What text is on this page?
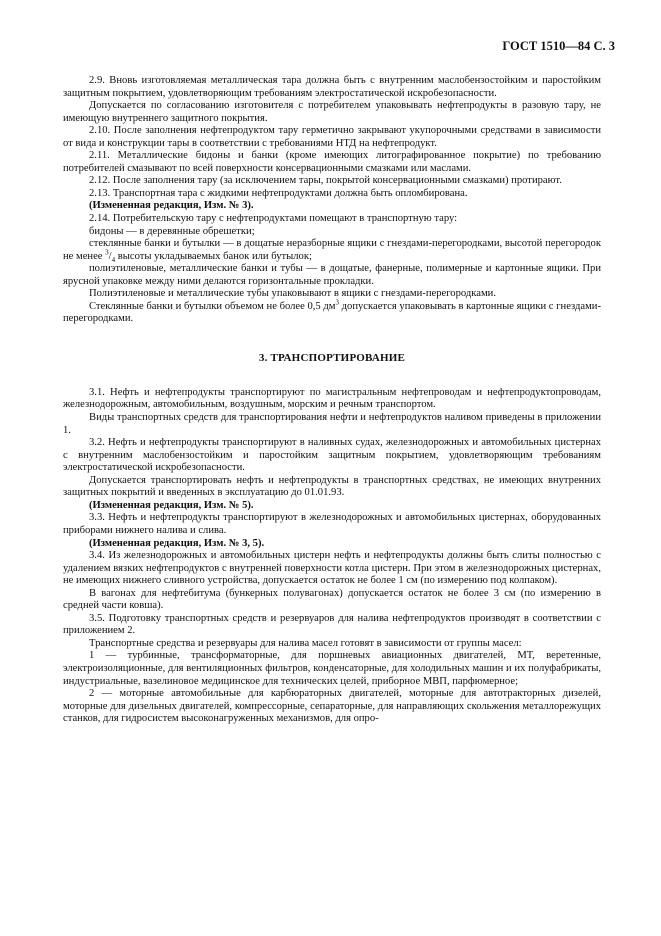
ГОСТ 1510—84 С. 3

2.9. Вновь изготовляемая металлическая тара должна быть с внутренним маслобензостойким и паростойким защитным покрытием, удовлетворяющим требованиям электростатической искробезопасности.

Допускается по согласованию изготовителя с потребителем упаковывать нефтепродукты в разовую тару, не имеющую внутреннего защитного покрытия.

2.10. После заполнения нефтепродуктом тару герметично закрывают укупорочными средствами в зависимости от вида и конструкции тары в соответствии с требованиями НТД на нефтепродукт.

2.11. Металлические бидоны и банки (кроме имеющих литографированное покрытие) по требованию потребителей смазывают по всей поверхности консервационными смазками или маслами.

2.12. После заполнения тару (за исключением тары, покрытой консервационными смазками) протирают.

2.13. Транспортная тара с жидкими нефтепродуктами должна быть опломбирована.

(Измененная редакция, Изм. № 3).

2.14. Потребительскую тару с нефтепродуктами помещают в транспортную тару:

бидоны — в деревянные обрешетки;

стеклянные банки и бутылки — в дощатые неразборные ящики с гнездами-перегородками, высотой перегородок не менее $^3/_4$ высоты укладываемых банок или бутылок;

полиэтиленовые, металлические банки и тубы — в дощатые, фанерные, полимерные и картонные ящики. При ярусной упаковке между ними делаются горизонтальные прокладки.

Полиэтиленовые и металлические тубы упаковывают в ящики с гнездами-перегородками.

Стеклянные банки и бутылки объемом не более 0,5 $дм^3$ допускается упаковывать в картонные ящики с гнездами-перегородками.

3. ТРАНСПОРТИРОВАНИЕ

3.1. Нефть и нефтепродукты транспортируют по магистральным нефтепроводам и нефтепродуктопроводам, железнодорожным, автомобильным, воздушным, морским и речным транспортом.

Виды транспортных средств для транспортирования нефти и нефтепродуктов наливом приведены в приложении 1.

3.2. Нефть и нефтепродукты транспортируют в наливных судах, железнодорожных и автомобильных цистернах с внутренним маслобензостойким и паростойким защитным покрытием, удовлетворяющим требованиям электростатической искробезопасности.

Допускается транспортировать нефть и нефтепродукты в транспортных средствах, не имеющих внутренних защитных покрытий и введенных в эксплуатацию до 01.01.93.

(Измененная редакция, Изм. № 5).

3.3. Нефть и нефтепродукты транспортируют в железнодорожных и автомобильных цистернах, оборудованных приборами нижнего налива и слива.

(Измененная редакция, Изм. № 3, 5).

3.4. Из железнодорожных и автомобильных цистерн нефть и нефтепродукты должны быть слиты полностью с удалением вязких нефтепродуктов с внутренней поверхности котла цистерн. При этом в железнодорожных цистернах, не имеющих нижнего сливного устройства, допускается остаток не более 1 см (по измерению под колпаком).

В вагонах для нефтебитума (бункерных полувагонах) допускается остаток не более 3 см (по измерению в средней части ковша).

3.5. Подготовку транспортных средств и резервуаров для налива нефтепродуктов производят в соответствии с приложением 2.

Транспортные средства и резервуары для налива масел готовят в зависимости от группы масел:

1 — турбинные, трансформаторные, для поршневых авиационных двигателей, МТ, веретенные, электроизоляционные, для вентиляционных фильтров, конденсаторные, для холодильных машин и их полуфабрикаты, индустриальные, вазелиновое медицинское для технических целей, приборное МВП, парфюмерное;

2 — моторные автомобильные для карбюраторных двигателей, моторные для автотракторных дизелей, моторные для дизельных двигателей, компрессорные, сепараторные, для направляющих скольжения металлорежущих станков, для гидросистем высоконагруженных механизмов, для опро-
